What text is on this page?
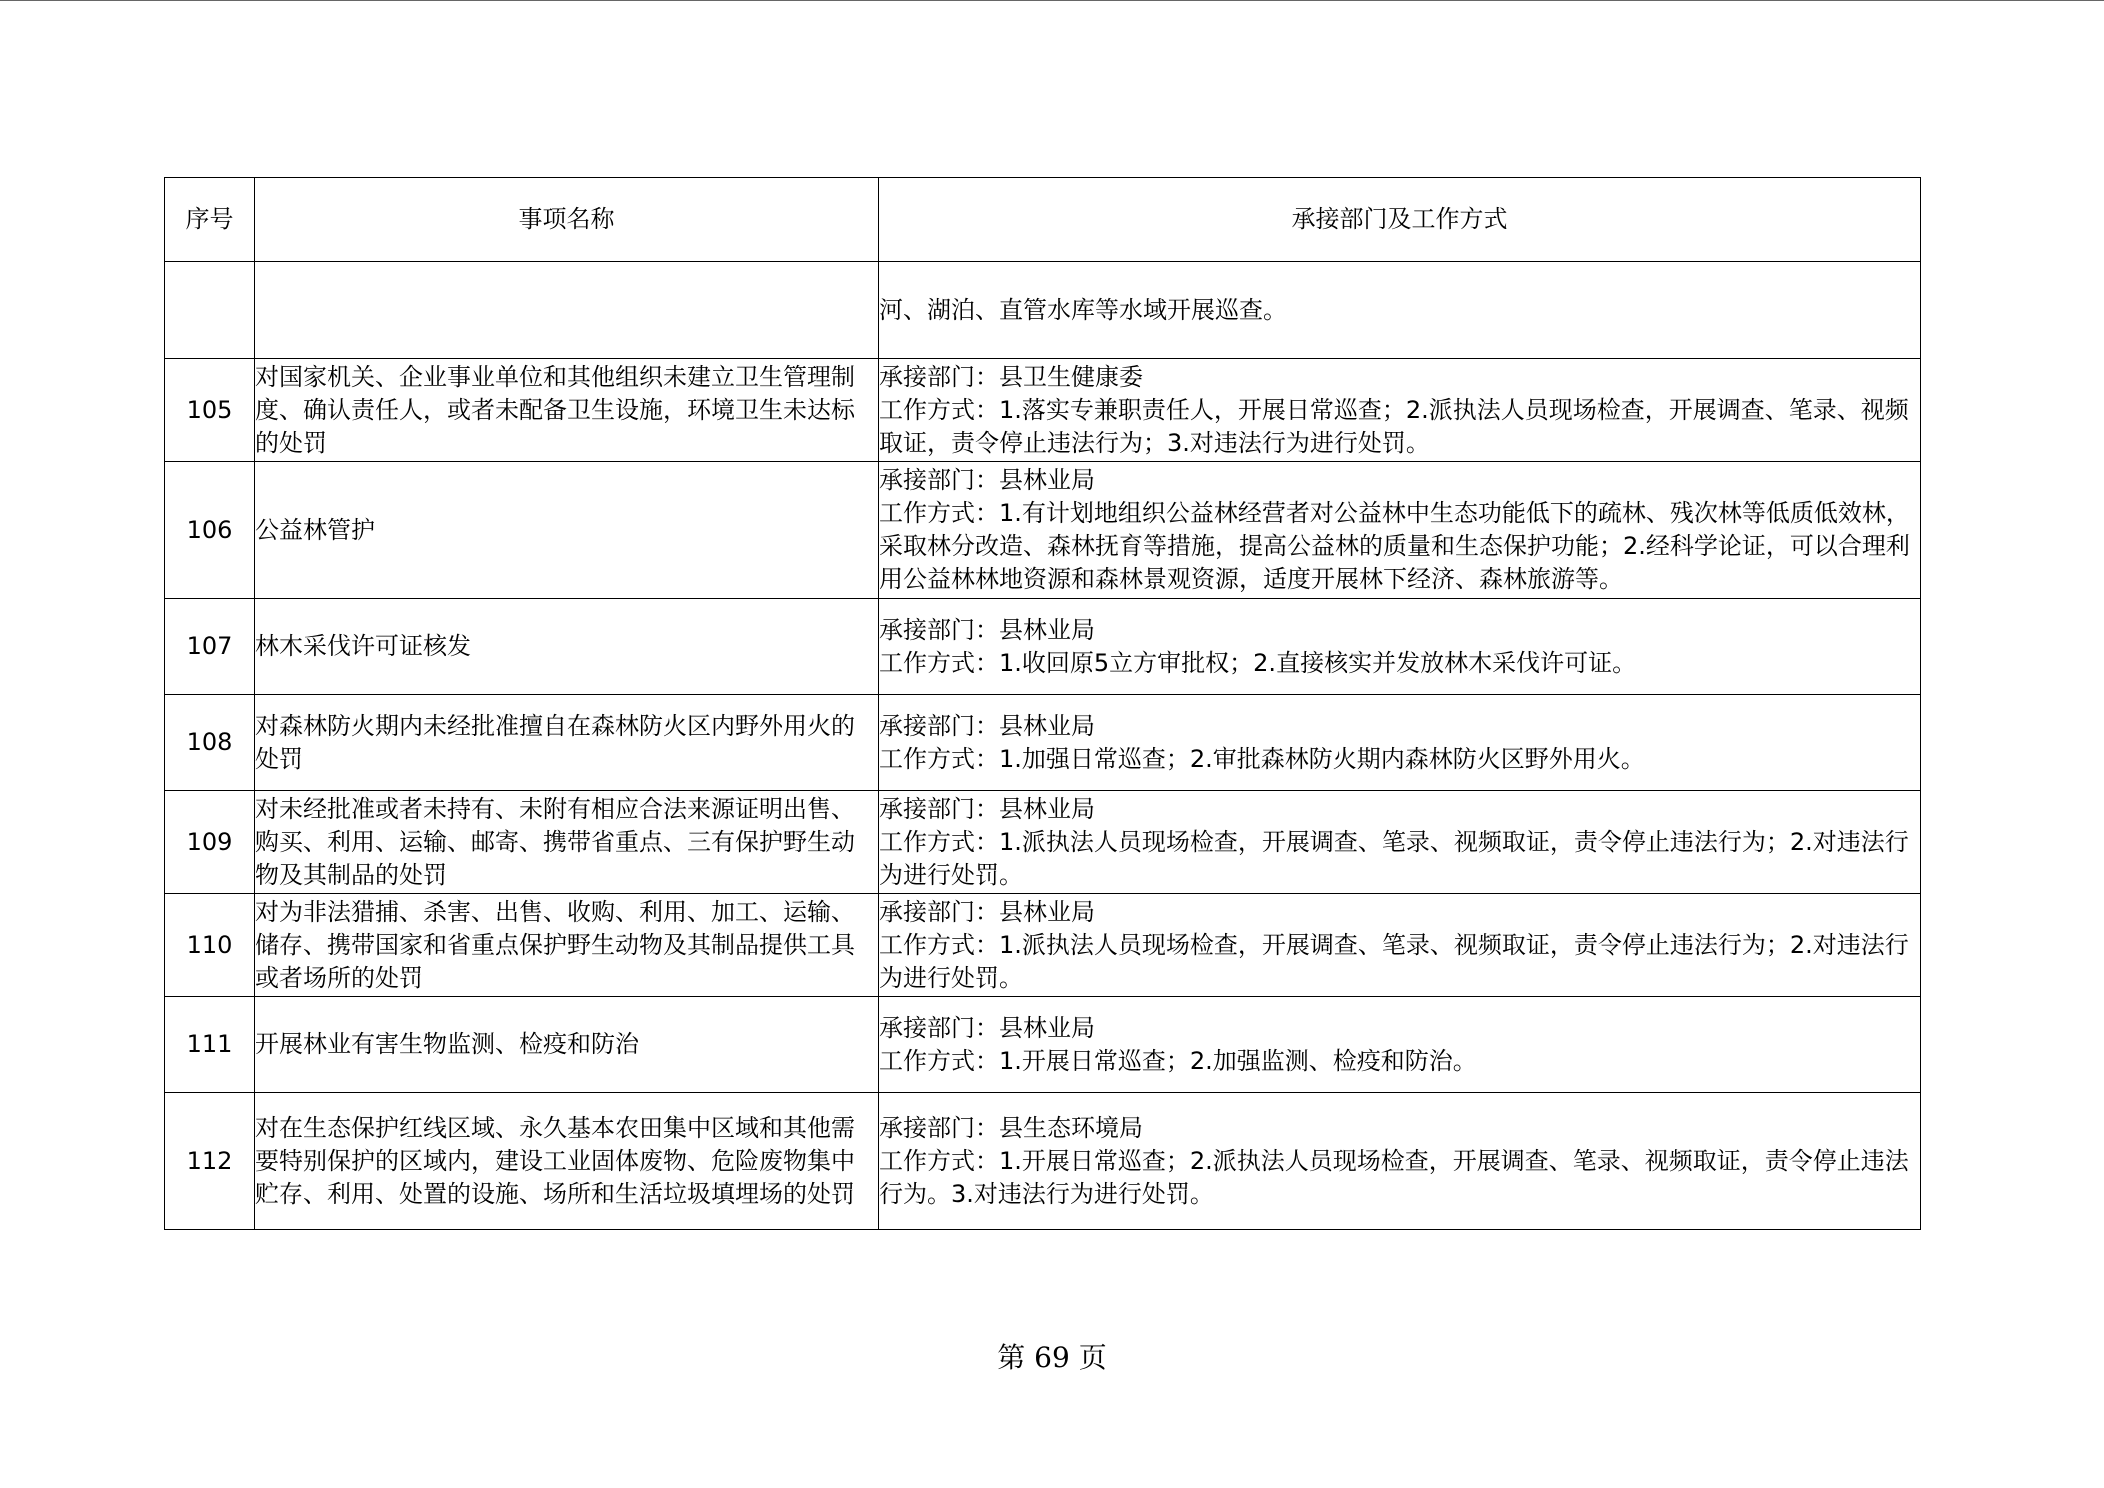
序号	事项名称	承接部门及工作方式
		河、湖泊、直管水库等水域开展巡查。
105	对国家机关、企业事业单位和其他组织未建立卫生管理制度、确认责任人，或者未配备卫生设施，环境卫生未达标的处罚	承接部门：县卫生健康委
工作方式：1.落实专兼职责任人，开展日常巡查；2.派执法人员现场检查，开展调查、笔录、视频取证，责令停止违法行为；3.对违法行为进行处罚。

106	公益林管护	承接部门：县林业局
工作方式：1.有计划地组织公益林经营者对公益林中生态功能低下的疏林、残次林等低质低效林，采取林分改造、森林抚育等措施，提高公益林的质量和生态保护功能；2.经科学论证，可以合理利用公益林林地资源和森林景观资源，适度开展林下经济、森林旅游等。

107	林木采伐许可证核发	承接部门：县林业局
工作方式：1.收回原5立方审批权；2.直接核实并发放林木采伐许可证。

108	对森林防火期内未经批准擅自在森林防火区内野外用火的处罚	承接部门：县林业局
工作方式：1.加强日常巡查；2.审批森林防火期内森林防火区野外用火。

109	对未经批准或者未持有、未附有相应合法来源证明出售、购买、利用、运输、邮寄、携带省重点、三有保护野生动物及其制品的处罚	承接部门：县林业局
工作方式：1.派执法人员现场检查，开展调查、笔录、视频取证，责令停止违法行为；2.对违法行为进行处罚。

110	对为非法猎捕、杀害、出售、收购、利用、加工、运输、储存、携带国家和省重点保护野生动物及其制品提供工具或者场所的处罚	承接部门：县林业局
工作方式：1.派执法人员现场检查，开展调查、笔录、视频取证，责令停止违法行为；2.对违法行为进行处罚。

111	开展林业有害生物监测、检疫和防治	承接部门：县林业局
工作方式：1.开展日常巡查；2.加强监测、检疫和防治。

112	对在生态保护红线区域、永久基本农田集中区域和其他需要特别保护的区域内，建设工业固体废物、危险废物集中贮存、利用、处置的设施、场所和生活垃圾填埋场的处罚	承接部门：县生态环境局
工作方式：1.开展日常巡查；2.派执法人员现场检查，开展调查、笔录、视频取证，责令停止违法行为。3.对违法行为进行处罚。
第 69 页
